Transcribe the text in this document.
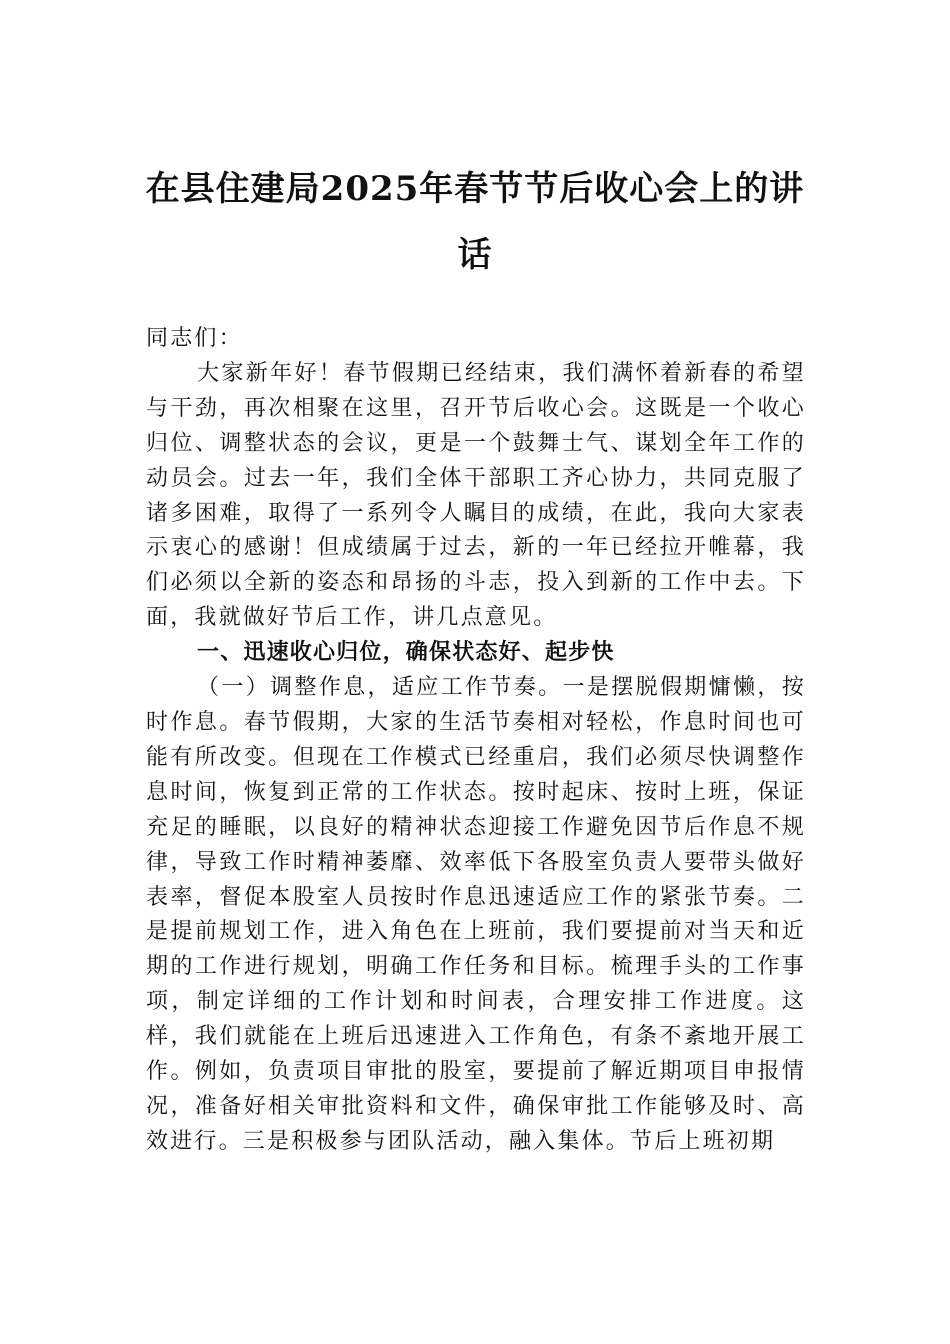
在县住建局2025年春节节后收心会上的讲
话

同志们：

大家新年好！春节假期已经结束，我们满怀着新春的希望与干劲，再次相聚在这里，召开节后收心会。这既是一个收心归位、调整状态的会议，更是一个鼓舞士气、谋划全年工作的动员会。过去一年，我们全体干部职工齐心协力，共同克服了诸多困难，取得了一系列令人瞩目的成绩，在此，我向大家表示衷心的感谢！但成绩属于过去，新的一年已经拉开帷幕，我们必须以全新的姿态和昂扬的斗志，投入到新的工作中去。下面，我就做好节后工作，讲几点意见。

一、迅速收心归位，确保状态好、起步快

（一）调整作息，适应工作节奏。一是摆脱假期慵懒，按时作息。春节假期，大家的生活节奏相对轻松，作息时间也可能有所改变。但现在工作模式已经重启，我们必须尽快调整作息时间，恢复到正常的工作状态。按时起床、按时上班，保证充足的睡眠，以良好的精神状态迎接工作避免因节后作息不规律，导致工作时精神萎靡、效率低下各股室负责人要带头做好表率，督促本股室人员按时作息迅速适应工作的紧张节奏。二是提前规划工作，进入角色在上班前，我们要提前对当天和近期的工作进行规划，明确工作任务和目标。梳理手头的工作事项，制定详细的工作计划和时间表，合理安排工作进度。这样，我们就能在上班后迅速进入工作角色，有条不紊地开展工作。例如，负责项目审批的股室，要提前了解近期项目申报情况，准备好相关审批资料和文件，确保审批工作能够及时、高效进行。三是积极参与团队活动，融入集体。节后上班初期
